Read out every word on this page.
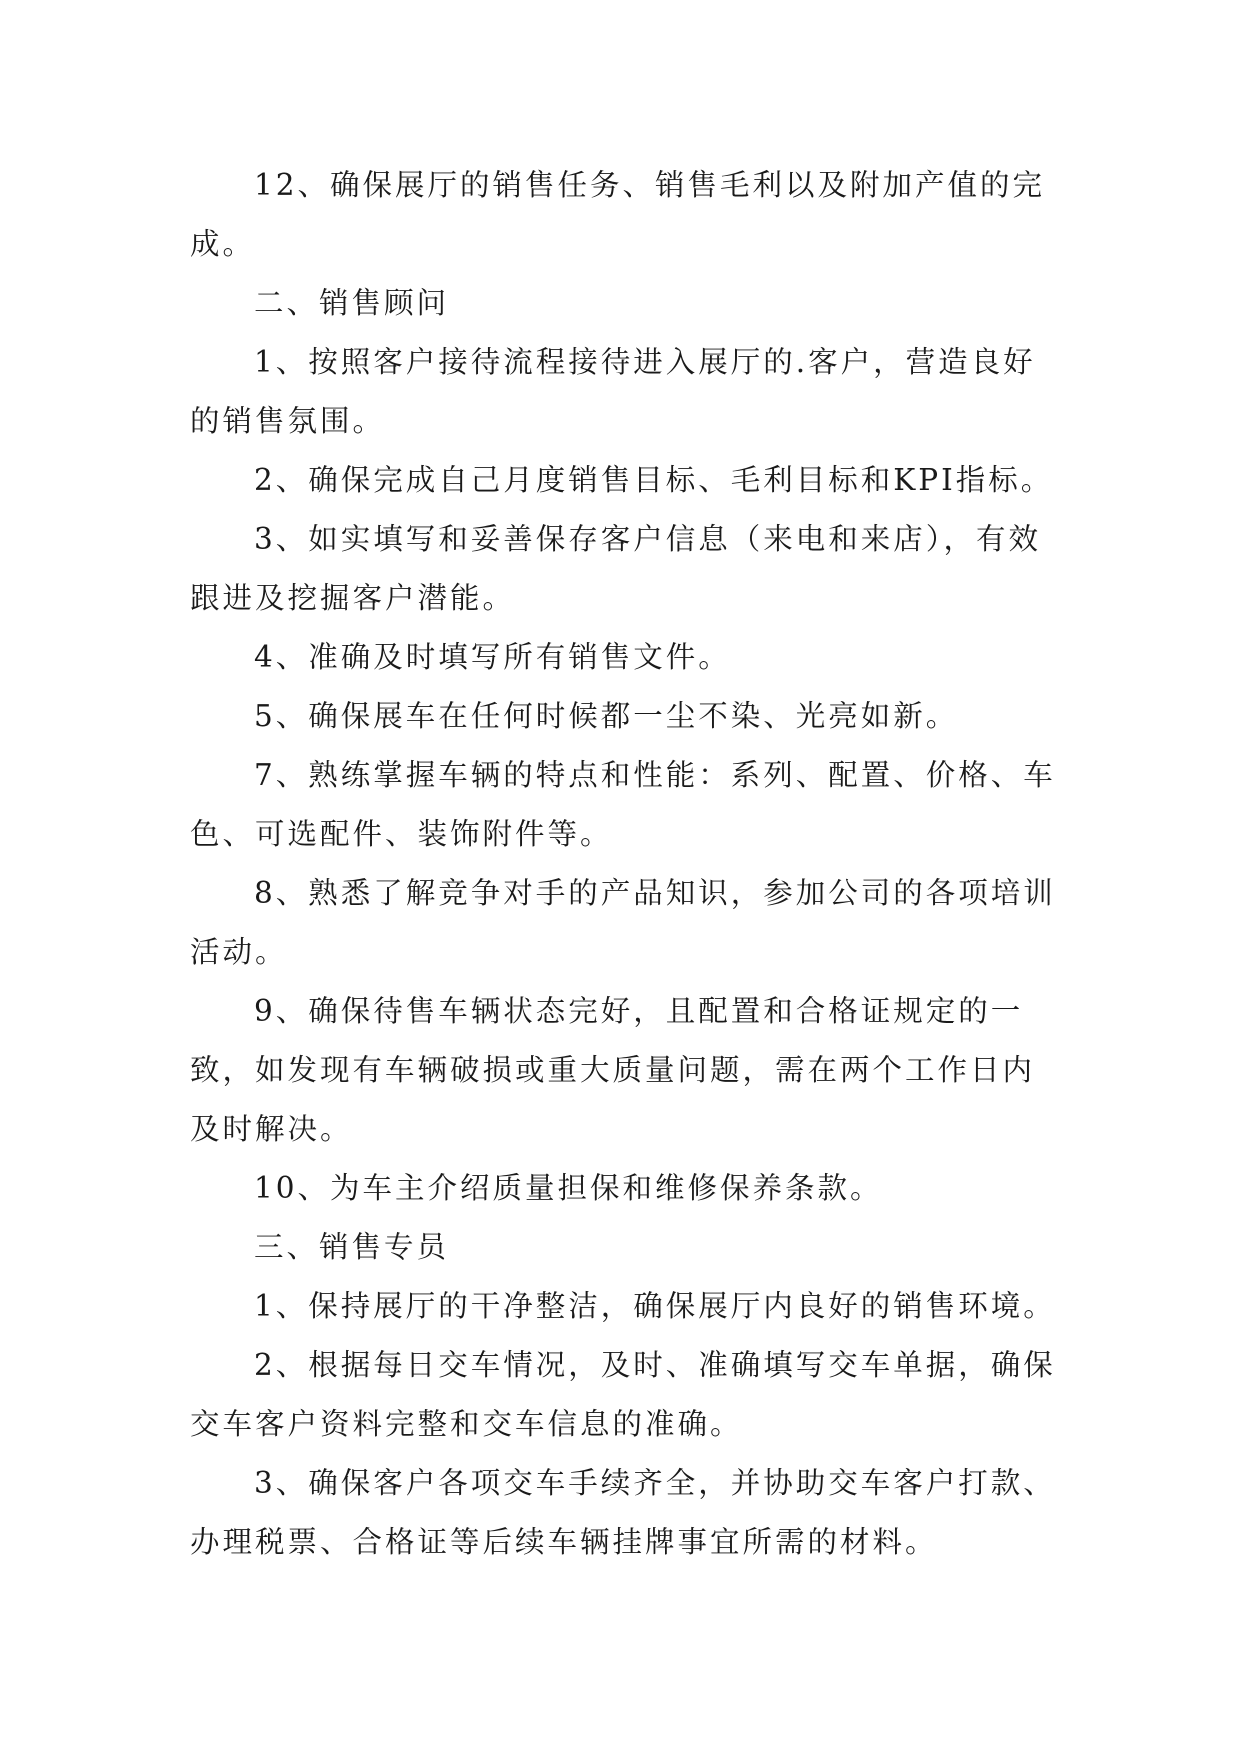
12、确保展厅的销售任务、销售毛利以及附加产值的完成。

二、销售顾问

1、按照客户接待流程接待进入展厅的.客户，营造良好的销售氛围。

2、确保完成自己月度销售目标、毛利目标和KPI指标。

3、如实填写和妥善保存客户信息（来电和来店），有效跟进及挖掘客户潜能。

4、准确及时填写所有销售文件。

5、确保展车在任何时候都一尘不染、光亮如新。

7、熟练掌握车辆的特点和性能：系列、配置、价格、车色、可选配件、装饰附件等。

8、熟悉了解竞争对手的产品知识，参加公司的各项培训活动。

9、确保待售车辆状态完好，且配置和合格证规定的一致，如发现有车辆破损或重大质量问题，需在两个工作日内及时解决。

10、为车主介绍质量担保和维修保养条款。

三、销售专员

1、保持展厅的干净整洁，确保展厅内良好的销售环境。

2、根据每日交车情况，及时、准确填写交车单据，确保交车客户资料完整和交车信息的准确。

3、确保客户各项交车手续齐全，并协助交车客户打款、办理税票、合格证等后续车辆挂牌事宜所需的材料。
